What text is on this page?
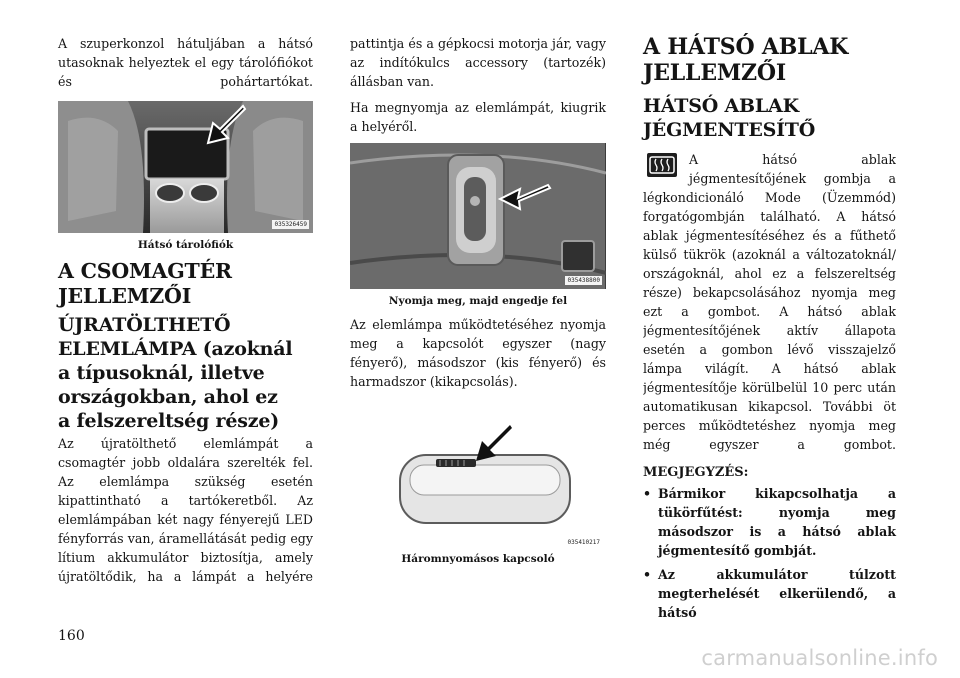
A szuperkonzol hátuljában a hátsó utasoknak helyeztek el egy tárolófiókot és pohártartókat.

035326459
Hátsó tárolófiók
A CSOMAGTÉR
JELLEMZŐI
ÚJRATÖLTHETŐ
ELEMLÁMPA (azoknál
a típusoknál, illetve
országokban, ahol ez
a felszereltség része)

Az újratölthető elemlámpát a csomagtér jobb oldalára szerelték fel. Az elemlámpa szükség esetén kipattintható a tartókeretből. Az elemlámpában két nagy fényerejű LED fényforrás van, áramellátását pedig egy lítium akkumulátor biztosítja, amely újratöltődik, ha a lámpát a helyére

pattintja és a gépkocsi motorja jár, vagy az indítókulcs accessory (tartozék) állásban van.

Ha megnyomja az elemlámpát, kiugrik a helyéről.

035438800
Nyomja meg, majd engedje fel

Az elemlámpa működtetéséhez nyomja meg a kapcsolót egyszer (nagy fényerő), másodszor (kis fényerő) és harmadszor (kikapcsolás).

035410217
Háromnyomásos kapcsoló
A HÁTSÓ ABLAK
JELLEMZŐI
HÁTSÓ ABLAK
JÉGMENTESÍTŐ

A hátsó ablak jégmentesítőjének gombja a légkondicionáló Mode (Üzemmód) forgatógombján található. A hátsó ablak jégmentesítéséhez és a fűthető külső tükrök (azoknál a változatoknál/ országoknál, ahol ez a felszereltség része) bekapcsolásához nyomja meg ezt a gombot. A hátsó ablak jégmentesítőjének aktív állapota esetén a gombon lévő visszajelző lámpa világít. A hátsó ablak jégmentesítője körülbelül 10 perc után automatikusan kikapcsol. További öt perces működtetéshez nyomja meg még egyszer a gombot.

MEGJEGYZÉS:
• Bármikor kikapcsolhatja a tükörfűtést: nyomja meg másodszor is a hátsó ablak jégmentesítő gombját.
• Az akkumulátor túlzott megterhelését elkerülendő, a hátsó
160
carmanualsonline.info
